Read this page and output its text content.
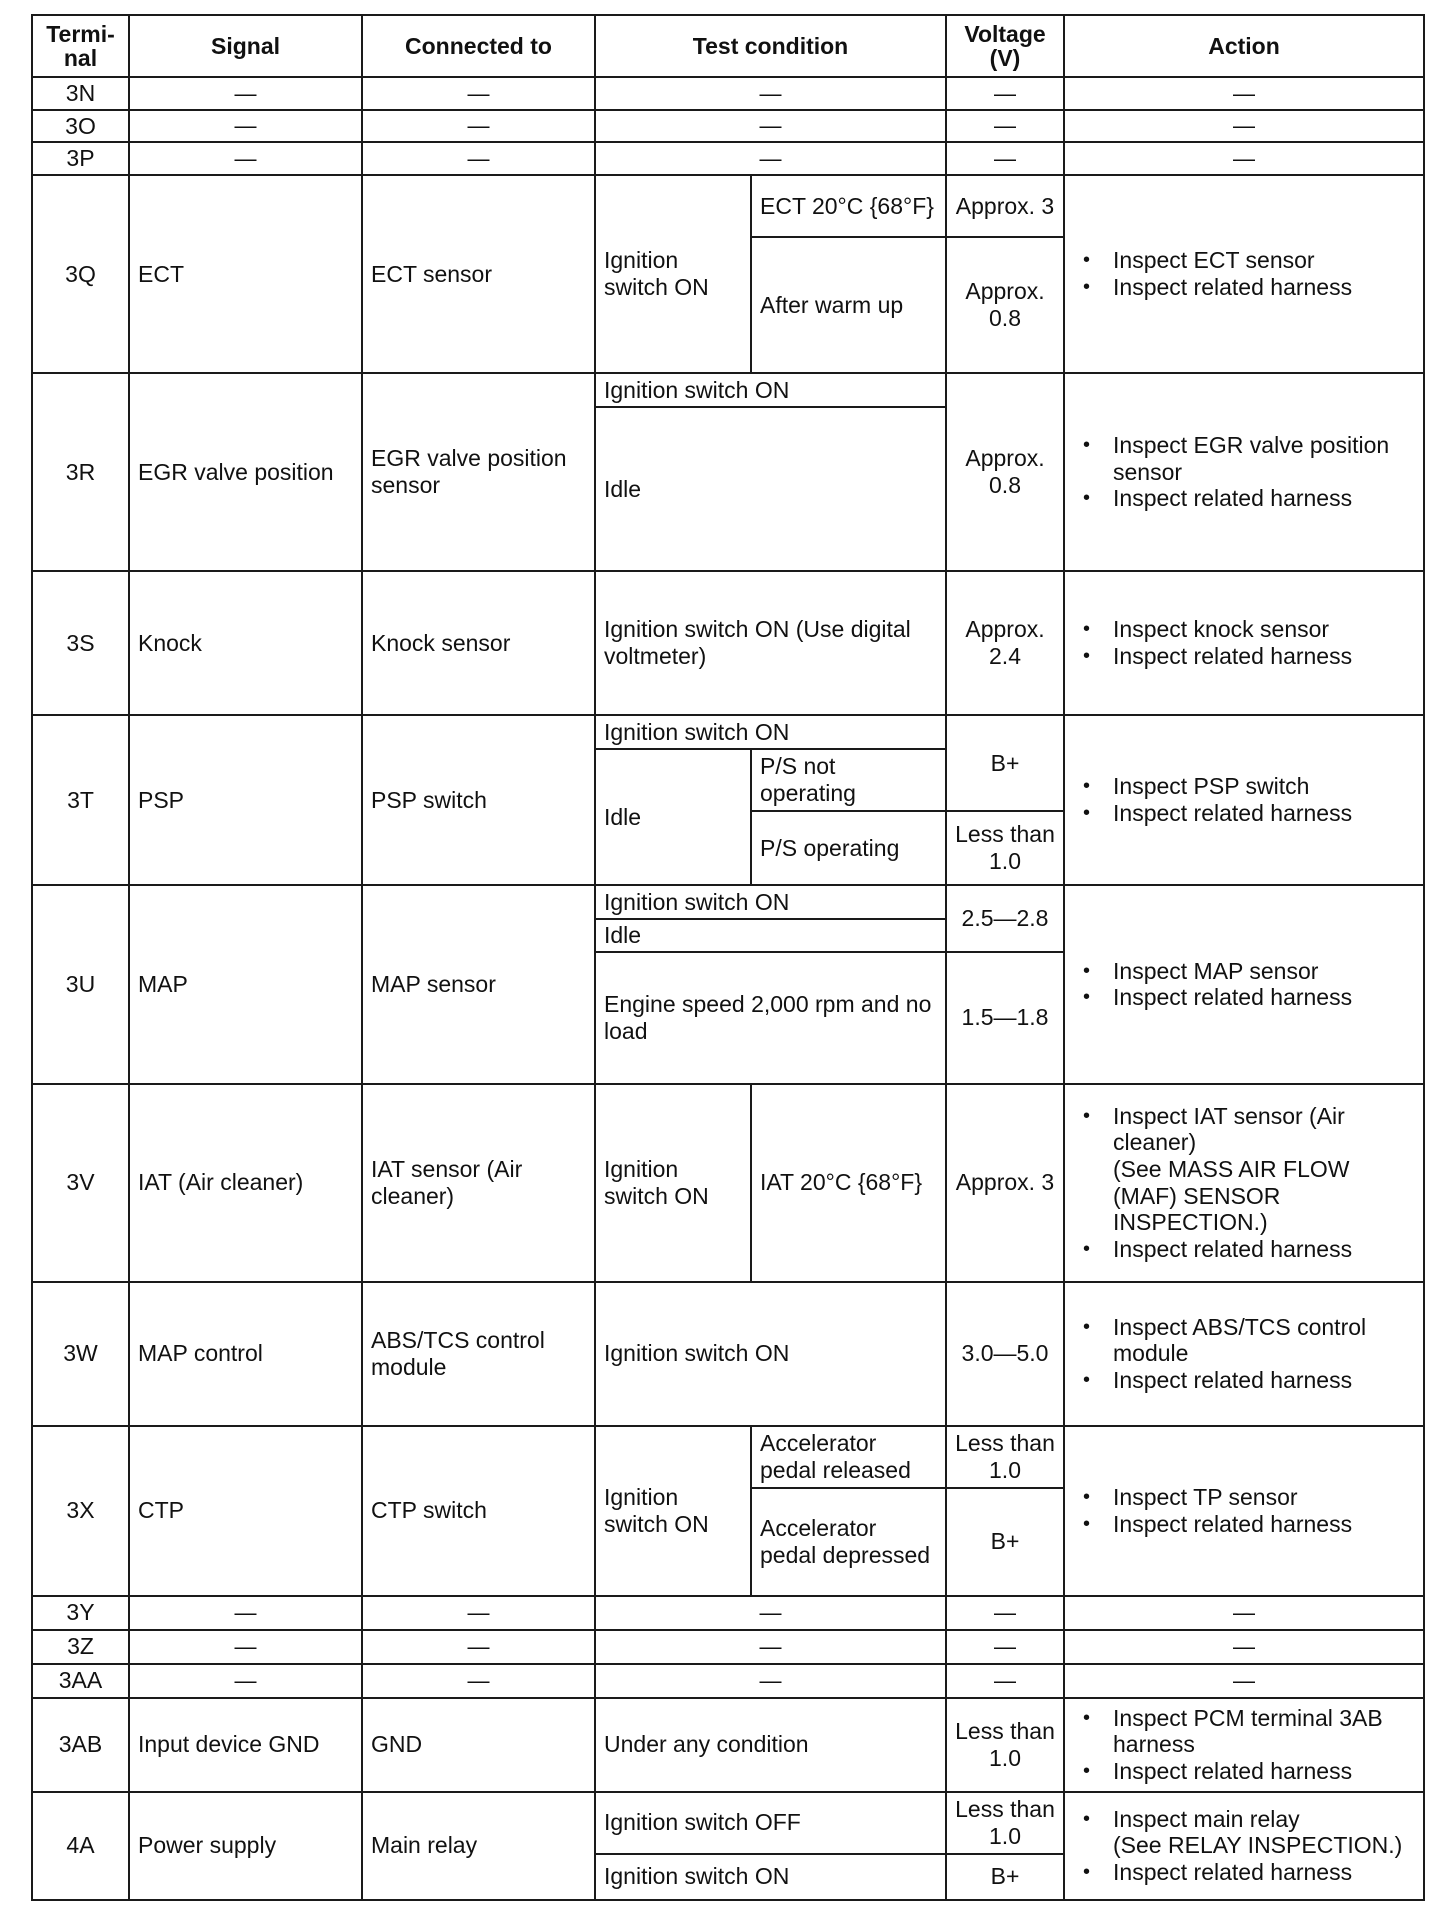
Termi-nal	Signal	Connected to	Test condition		Voltage (V)	Action
3N	—	—	—		—	—
3O	—	—	—		—	—
3P	—	—	—		—	—
3Q	ECT	ECT sensor	Ignition switch ON	ECT 20°C {68°F}	Approx. 3	• Inspect ECT sensor
• Inspect related harness

				After warm up	Approx. 0.8	
3R	EGR valve position	EGR valve position sensor	Ignition switch ON		Approx. 0.8	• Inspect EGR valve position sensor
• Inspect related harness

			Idle			
3S	Knock	Knock sensor	Ignition switch ON (Use digital voltmeter)		Approx. 2.4	• Inspect knock sensor
• Inspect related harness

3T	PSP	PSP switch	Ignition switch ON		B+	• Inspect PSP switch
• Inspect related harness

			Idle	P/S not operating		
				P/S operating	Less than 1.0	
3U	MAP	MAP sensor	Ignition switch ON		2.5—2.8	• Inspect MAP sensor
• Inspect related harness

			Idle			
			Engine speed 2,000 rpm and no load		1.5—1.8	
3V	IAT (Air cleaner)	IAT sensor (Air cleaner)	Ignition switch ON	IAT 20°C {68°F}	Approx. 3	• Inspect IAT sensor (Air cleaner)
(See MASS AIR FLOW (MAF) SENSOR INSPECTION.)
• Inspect related harness

3W	MAP control	ABS/TCS control module	Ignition switch ON		3.0—5.0	• Inspect ABS/TCS control module
• Inspect related harness

3X	CTP	CTP switch	Ignition switch ON	Accelerator pedal released	Less than 1.0	• Inspect TP sensor
• Inspect related harness

				Accelerator pedal depressed	B+	
3Y	—	—	—		—	—
3Z	—	—	—		—	—
3AA	—	—	—		—	—
3AB	Input device GND	GND	Under any condition		Less than 1.0	• Inspect PCM terminal 3AB harness
• Inspect related harness

4A	Power supply	Main relay	Ignition switch OFF		Less than 1.0	• Inspect main relay
(See RELAY INSPECTION.)
• Inspect related harness

			Ignition switch ON		B+	
